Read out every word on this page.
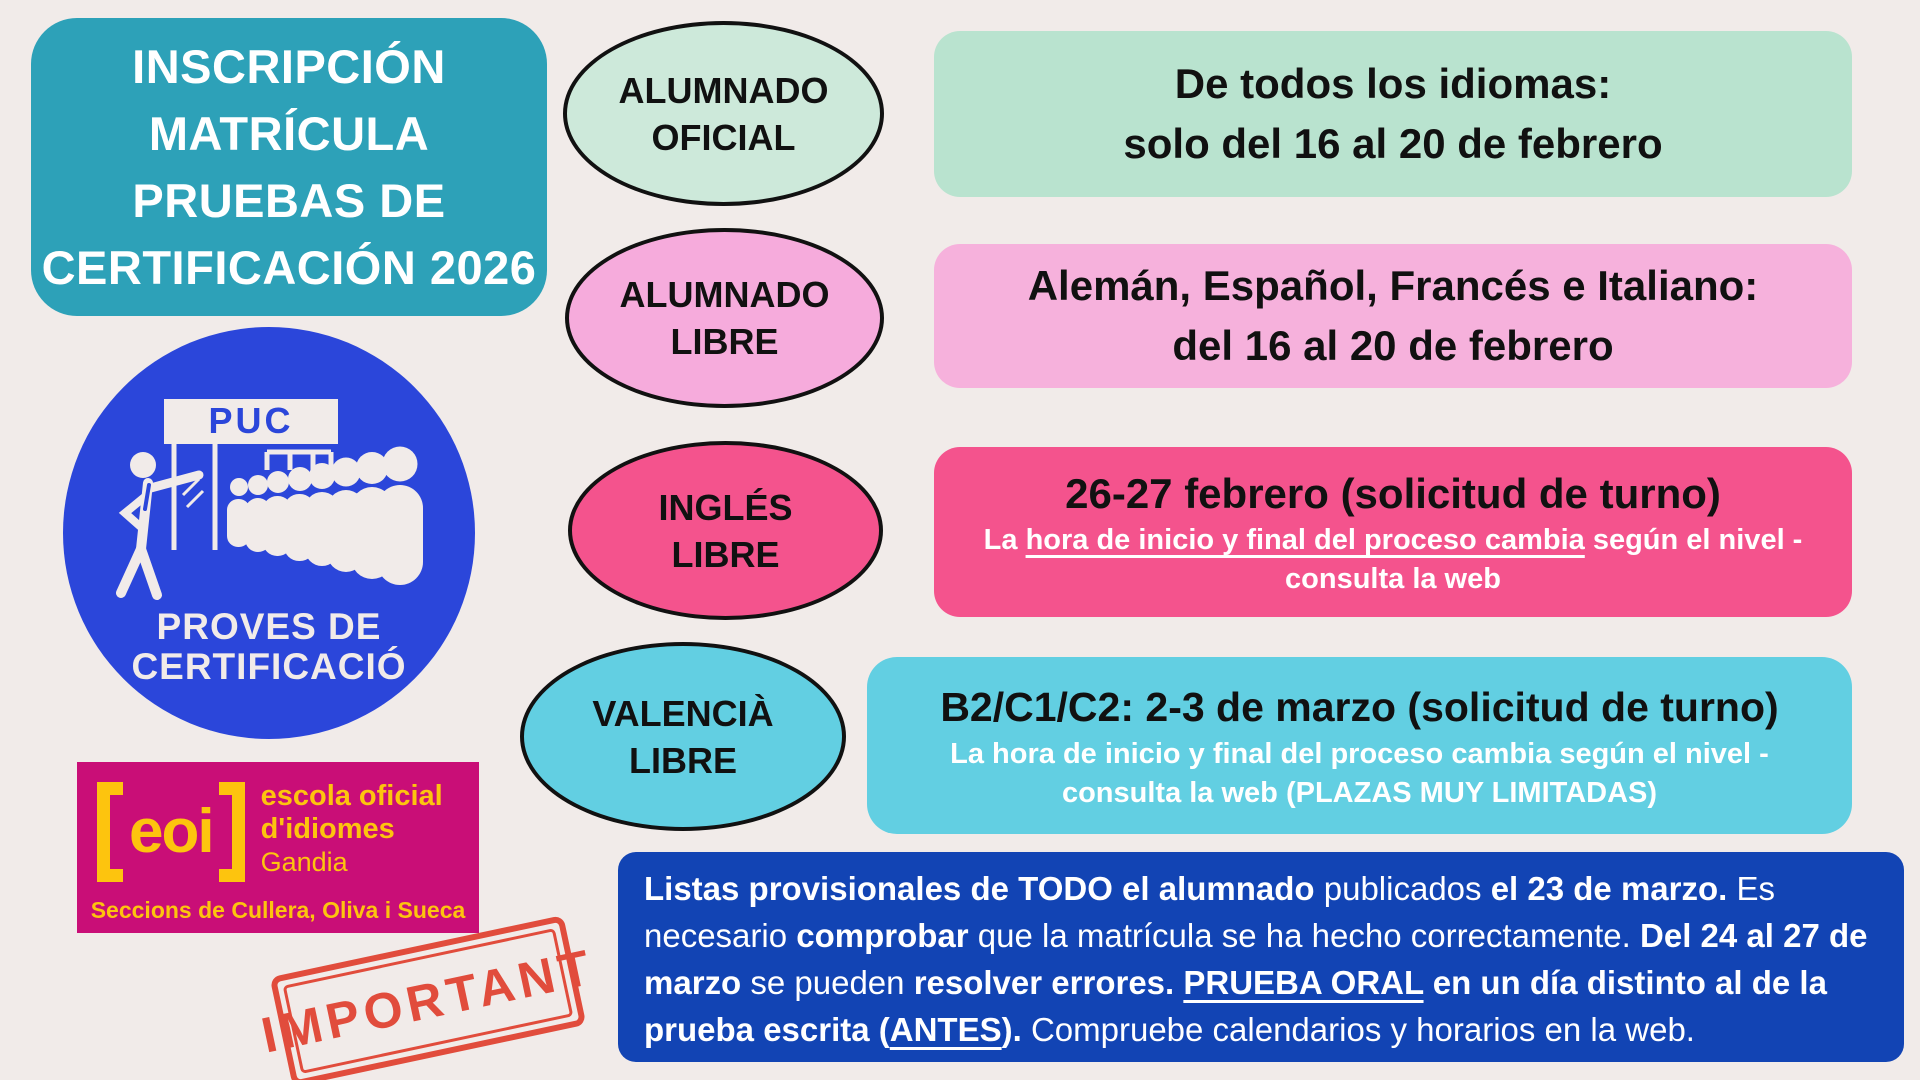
INSCRIPCIÓN
MATRÍCULA
PRUEBAS DE
CERTIFICACIÓN 2026
PUC
PROVES DE
CERTIFICACIÓ
eoi
escola oficial
d'idiomes
Gandia
Seccions de Cullera, Oliva i Sueca
IMPORTANT
ALUMNADO
OFICIAL
ALUMNADO
LIBRE
INGLÉS
LIBRE
VALENCIÀ
LIBRE
De todos los idiomas:
solo del 16 al 20 de febrero
Alemán, Español, Francés e Italiano:
del 16 al 20 de febrero
26-27 febrero (solicitud de turno)
La hora de inicio y final del proceso cambia según el nivel - consulta la web
B2/C1/C2: 2-3 de marzo (solicitud de turno)
La hora de inicio y final del proceso cambia según el nivel - consulta la web (PLAZAS MUY LIMITADAS)
Listas provisionales de TODO el alumnado publicados el 23 de marzo. Es necesario comprobar que la matrícula se ha hecho correctamente. Del 24 al 27 de marzo se pueden resolver errores. PRUEBA ORAL en un día distinto al de la prueba escrita (ANTES). Compruebe calendarios y horarios en la web.
